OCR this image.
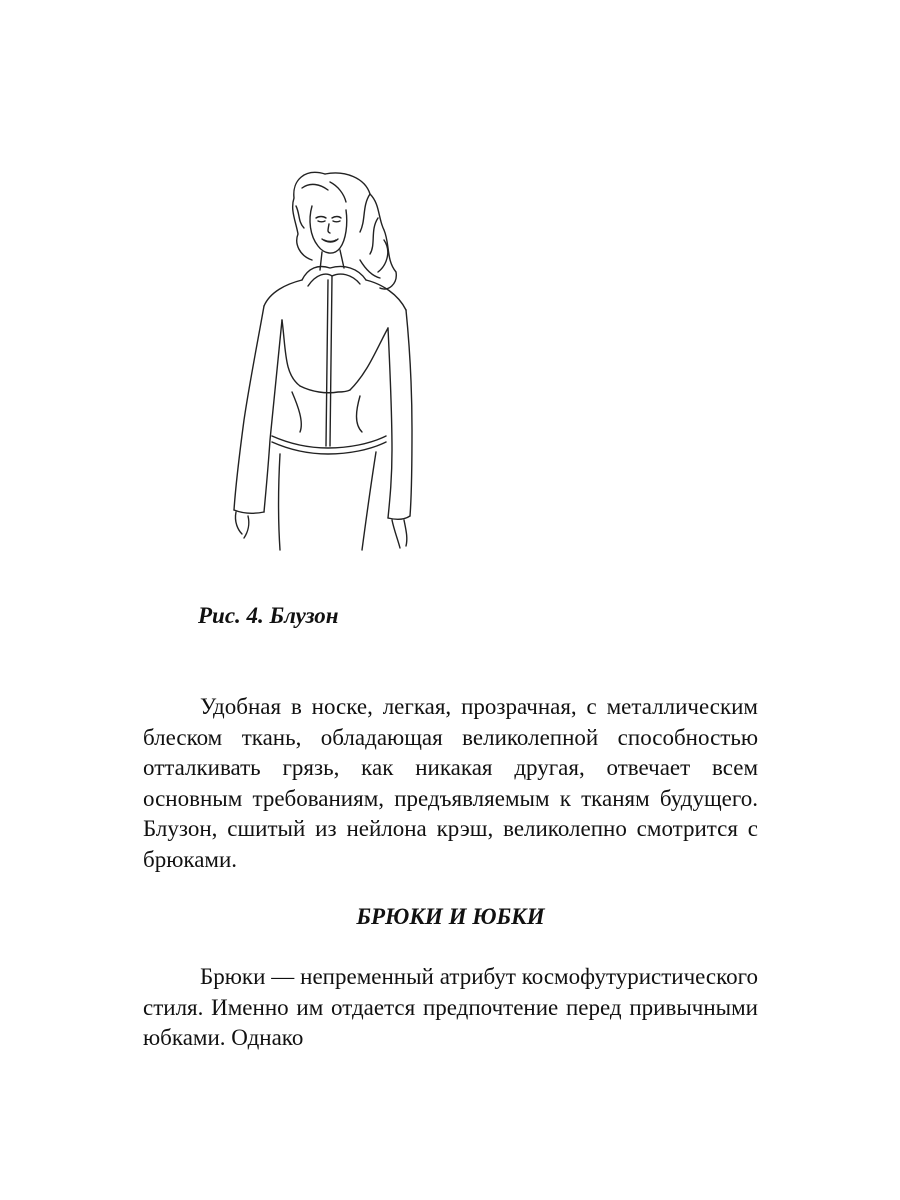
Рис. 4. Блузон

Удобная в носке, легкая, прозрачная, с металлическим блеском ткань, обладающая великолепной способностью отталкивать грязь, как никакая другая, отвечает всем основным требованиям, предъявляемым к тканям будущего. Блузон, сшитый из нейлона крэш, великолепно смотрится с брюками.

БРЮКИ И ЮБКИ

Брюки — непременный атрибут космофутуристического стиля. Именно им отдается предпочтение перед привычными юбками. Однако
